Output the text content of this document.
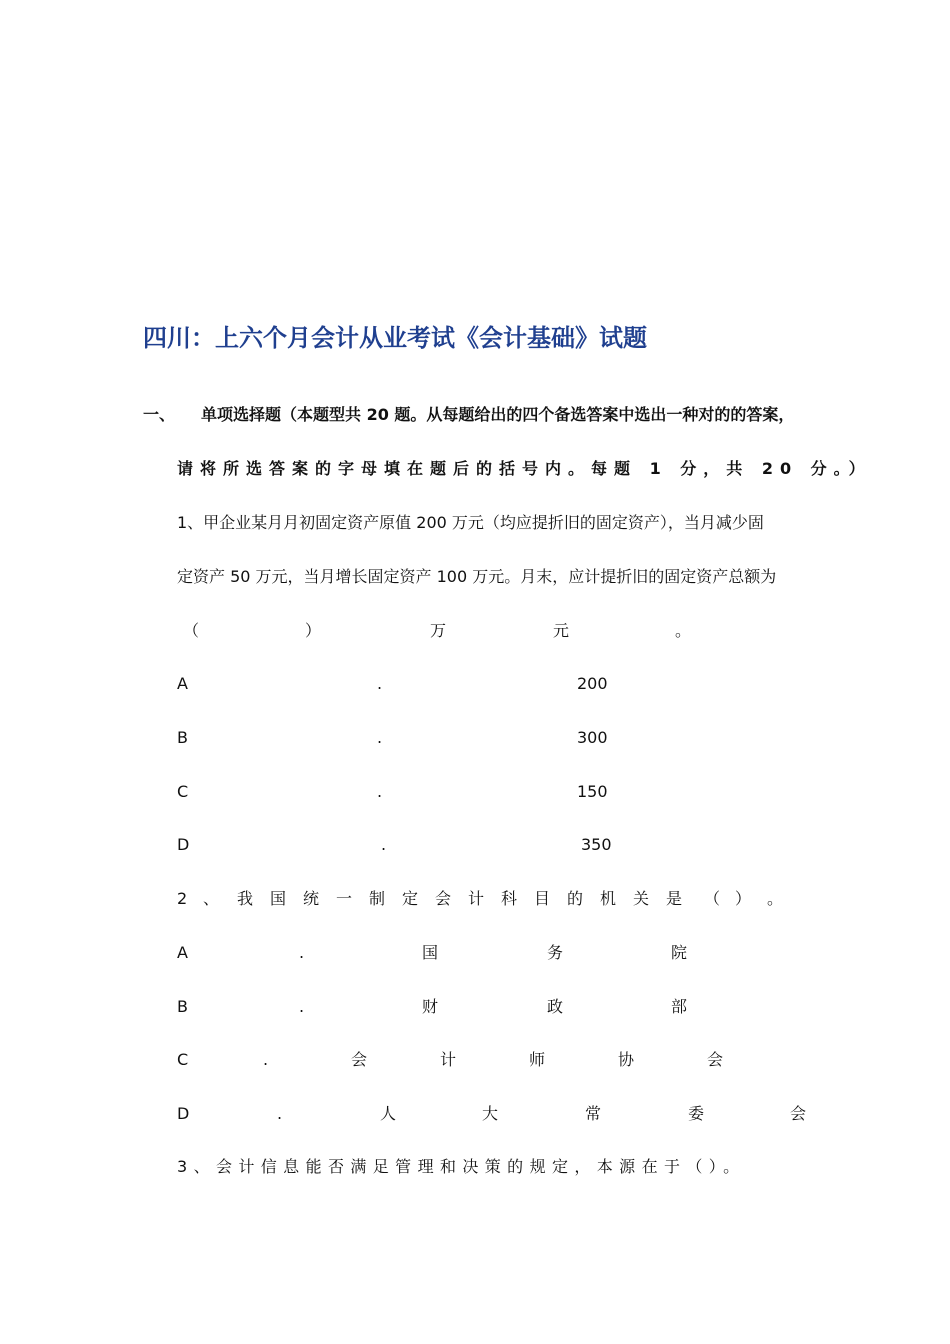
四川：上六个月会计从业考试《会计基础》试题
一、 单项选择题（本题型共 20 题。从每题给出的四个备选答案中选出一种对的的答案，
请将所选答案的字母填在题后的括号内。每题 1 分，共 20 分。）
1、甲企业某月月初固定资产原值 200 万元（均应提折旧的固定资产），当月减少固
定资产 50 万元，当月增长固定资产 100 万元。月末，应计提折旧的固定资产总额为
（	）	万	元	。
A	.	200
B	.	300
C	.	150
D	.	350
2 、 我 国 统 一 制 定 会 计 科 目 的 机 关 是 （ ） 。
A	.	国	务	院
B	.	财	政	部
C	.	会	计	师	协	会
D	.	人	大	常	委	会
3、会计信息能否满足管理和决策的规定，本源在于（）。
